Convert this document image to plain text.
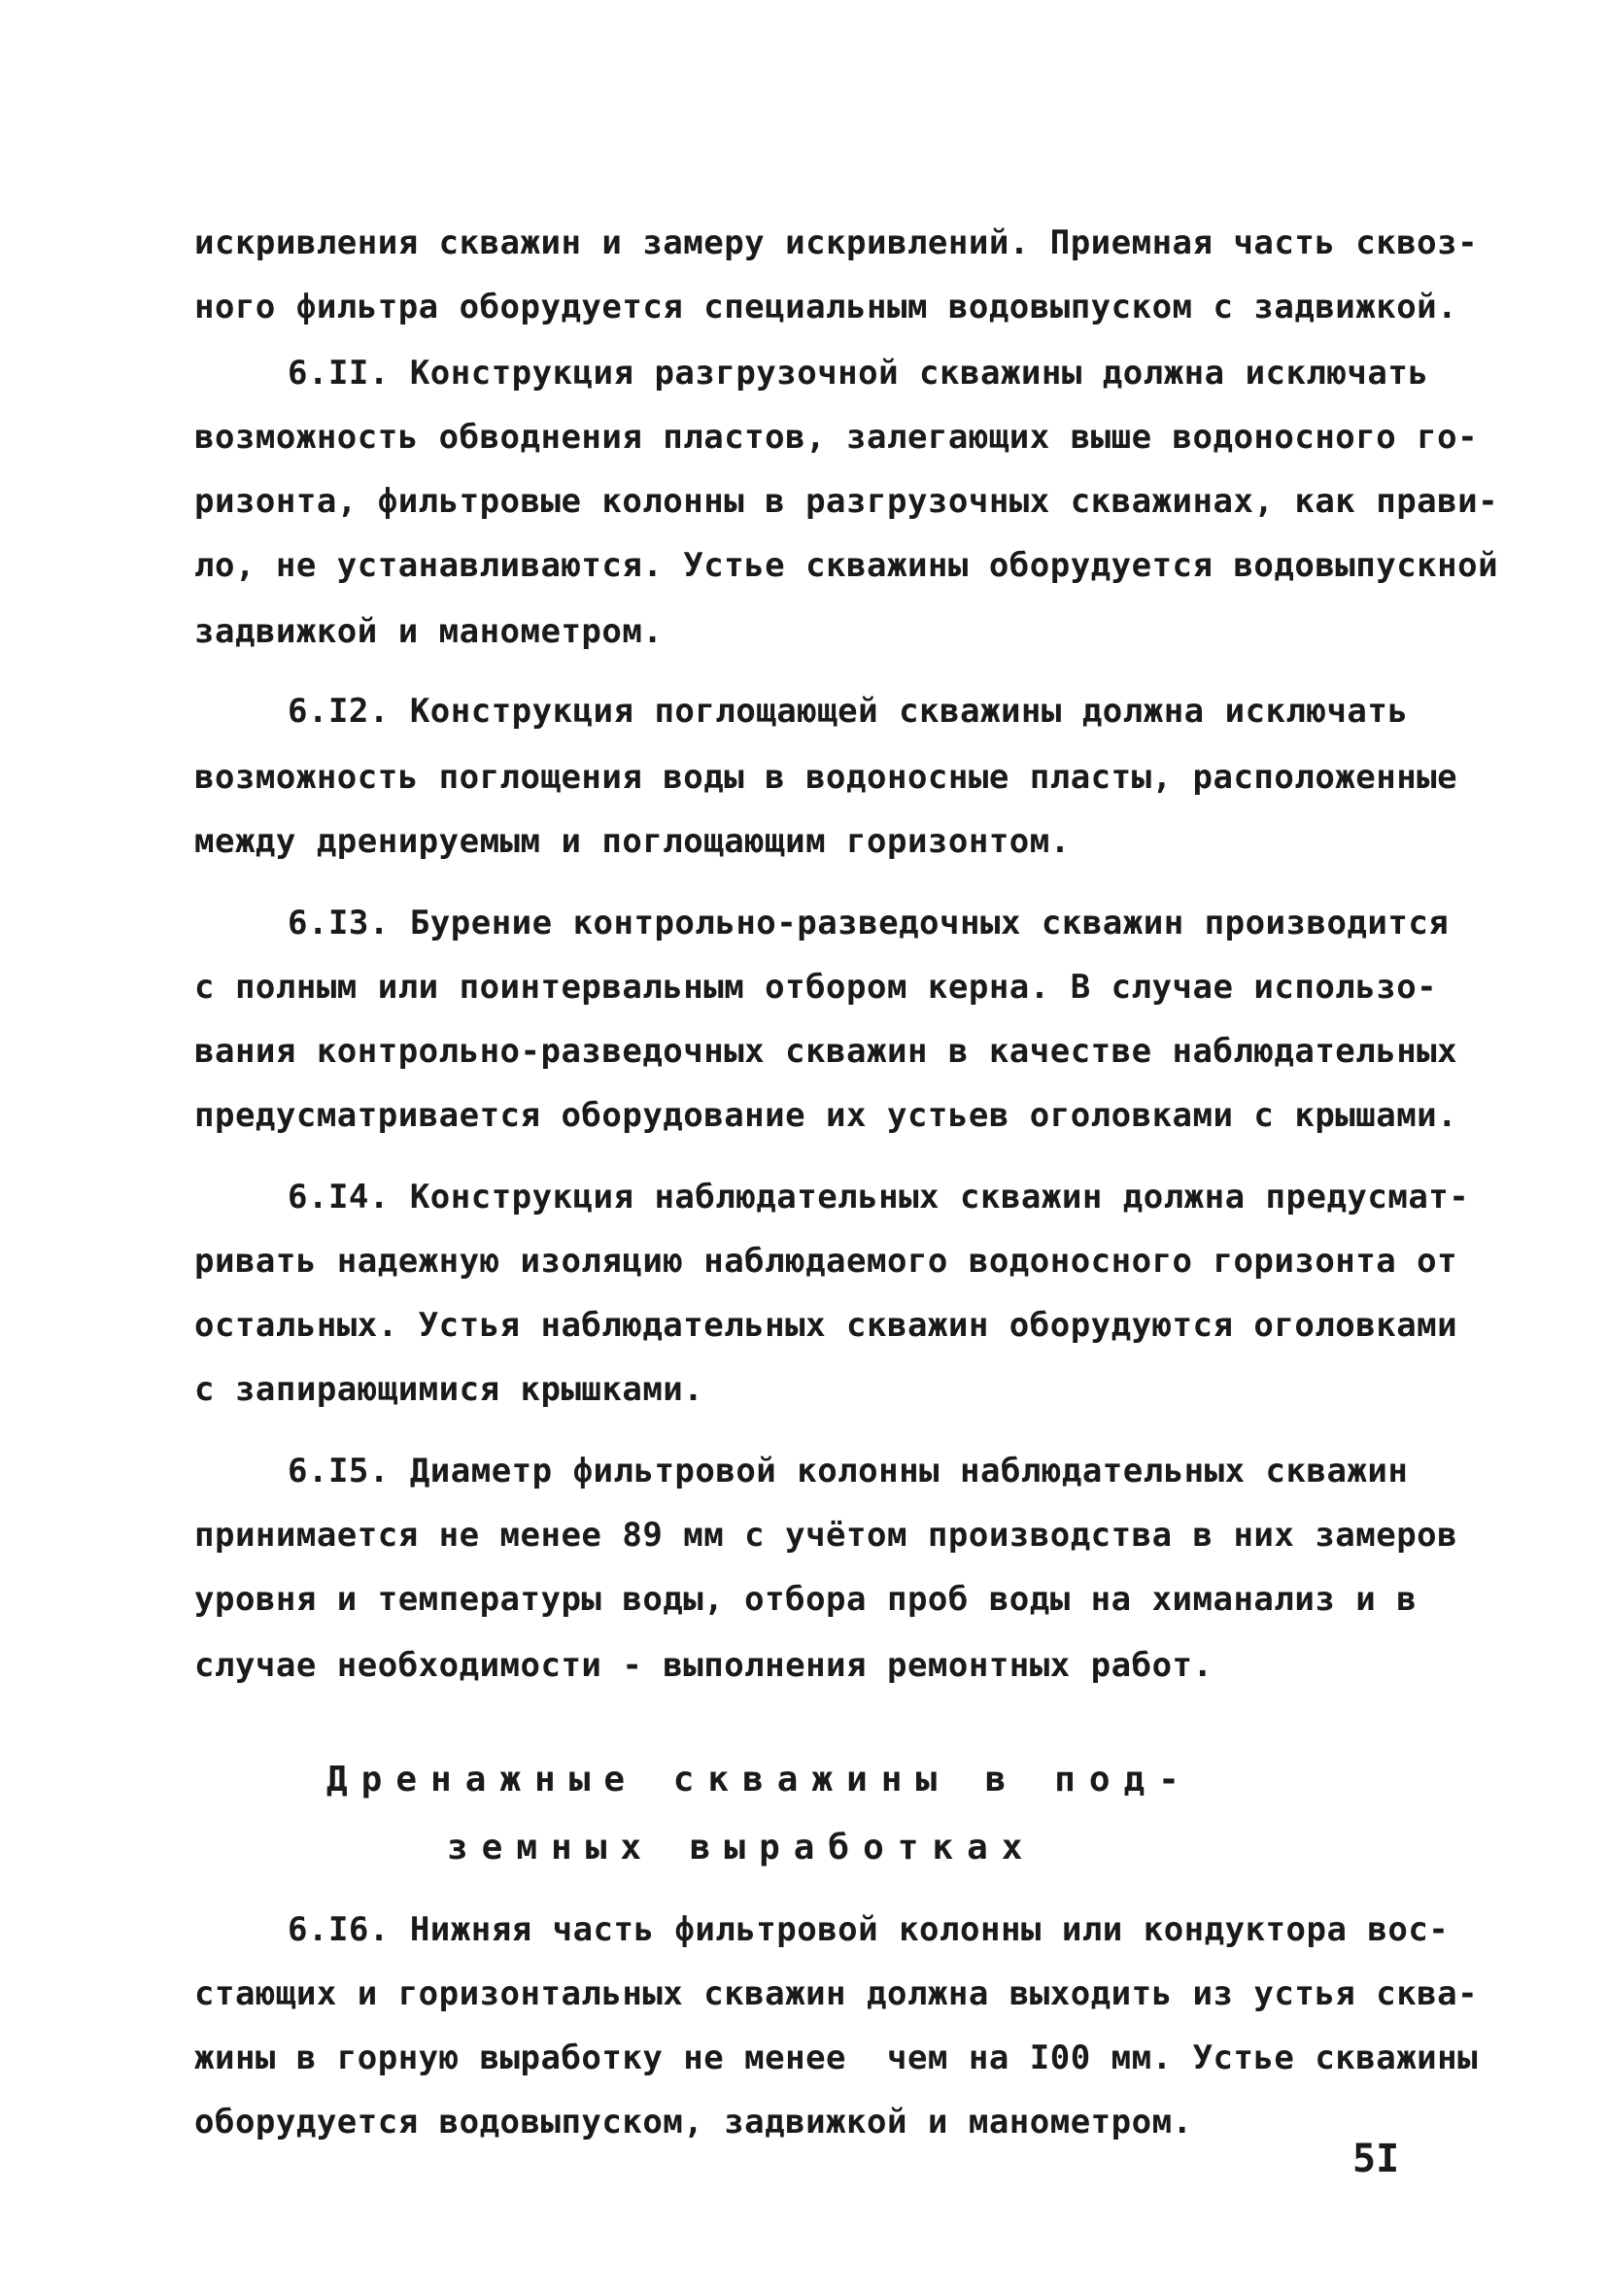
искривления скважин и замеру искривлений. Приемная часть сквоз-
ного фильтра оборудуется специальным водовыпуском с задвижкой.
6.II. Конструкция разгрузочной скважины должна исключать
возможность обводнения пластов, залегающих выше водоносного го-
ризонта, фильтровые колонны в разгрузочных скважинах, как прави-
ло, не устанавливаются. Устье скважины оборудуется водовыпускной
задвижкой и манометром.
6.I2. Конструкция поглощающей скважины должна исключать
возможность поглощения воды в водоносные пласты, расположенные
между дренируемым и поглощающим горизонтом.
6.I3. Бурение контрольно-разведочных скважин производится
с полным или поинтервальным отбором керна. В случае использо-
вания контрольно-разведочных скважин в качестве наблюдательных
предусматривается оборудование их устьев оголовками с крышами.
6.I4. Конструкция наблюдательных скважин должна предусмат-
ривать надежную изоляцию наблюдаемого водоносного горизонта от
остальных. Устья наблюдательных скважин оборудуются оголовками
с запирающимися крышками.
6.I5. Диаметр фильтровой колонны наблюдательных скважин
принимается не менее 89 мм с учётом производства в них замеров
уровня и температуры воды, отбора проб воды на химанализ и в
случае необходимости - выполнения ремонтных работ.
Дренажные скважины в под-
земных выработках
6.I6. Нижняя часть фильтровой колонны или кондуктора вос-
стающих и горизонтальных скважин должна выходить из устья сква-
жины в горную выработку не менее  чем на I00 мм. Устье скважины
оборудуется водовыпуском, задвижкой и манометром.
5I
